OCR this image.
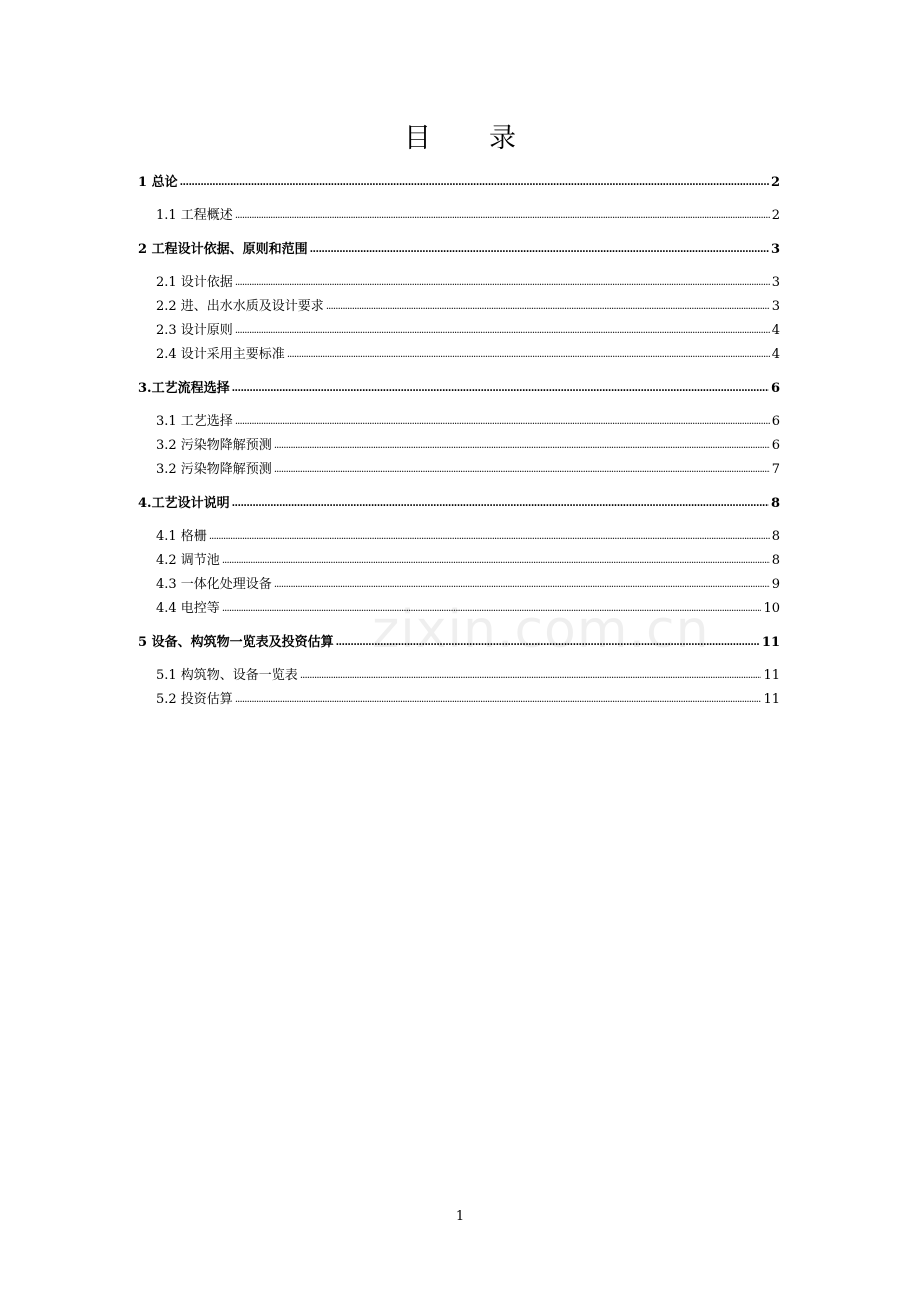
目 录
1 总论 . . .	2
1.1 工程概述 . . .	2
2 工程设计依据、原则和范围 . . .	3
2.1 设计依据 . . .	3
2.2 进、出水水质及设计要求 . . .	3
2.3 设计原则 . . .	4
2.4 设计采用主要标准 . . .	4
3.工艺流程选择 . . .	6
3.1 工艺选择 . . .	6
3.2 污染物降解预测 . . .	6
3.2 污染物降解预测 . . .	7
4.工艺设计说明 . . .	8
4.1 格栅 . . .	8
4.2 调节池 . . .	8
4.3 一体化处理设备 . . .	9
4.4 电控等 . . .	10
5 设备、构筑物一览表及投资估算 . . .	11
5.1 构筑物、设备一览表 . . .	11
5.2 投资估算 . . .	11
zixin.com.cn
1
